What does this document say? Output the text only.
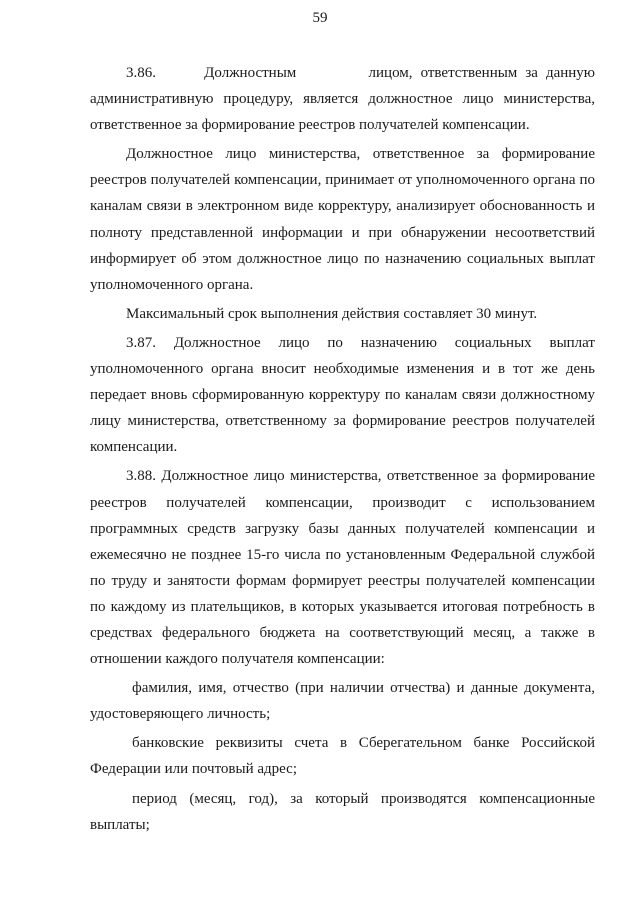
59

3.86.      Должностным         лицом, ответственным за данную административную процедуру, является должностное лицо министерства, ответственное за формирование реестров получателей компенсации.

Должностное лицо министерства, ответственное за формирование реестров получателей компенсации, принимает от уполномоченного органа по каналам связи в электронном виде корректуру, анализирует обоснованность и полноту представленной информации и при обнаружении несоответствий информирует об этом должностное лицо по назначению социальных выплат уполномоченного органа.

Максимальный срок выполнения действия составляет 30 минут.

3.87. Должностное лицо по назначению социальных выплат уполномоченного органа вносит необходимые изменения и в тот же день передает вновь сформированную корректуру по каналам связи должностному лицу министерства, ответственному за формирование реестров получателей компенсации.

3.88. Должностное лицо министерства, ответственное за формирование реестров получателей компенсации, производит с использованием программных средств загрузку базы данных получателей компенсации и ежемесячно не позднее 15-го числа по установленным Федеральной службой по труду и занятости формам формирует реестры получателей компенсации по каждому из плательщиков, в которых указывается итоговая потребность в средствах федерального бюджета на соответствующий месяц, а также в отношении каждого получателя компенсации:

фамилия, имя, отчество (при наличии отчества) и данные документа, удостоверяющего личность;

банковские реквизиты счета в Сберегательном банке Российской Федерации или почтовый адрес;

период (месяц, год), за который производятся компенсационные выплаты;
